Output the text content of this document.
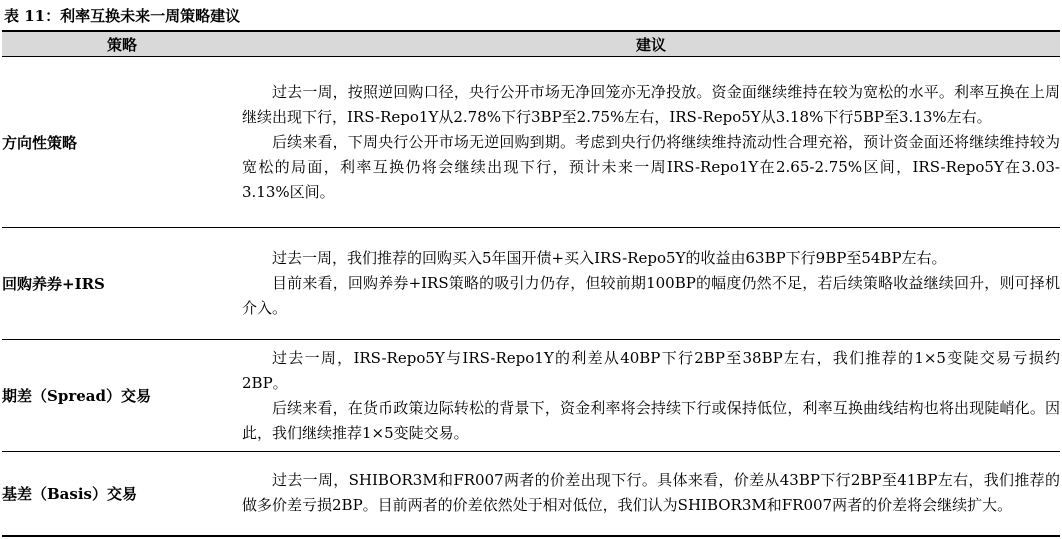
表 11：利率互换未来一周策略建议
策略	建议
方向性策略	过去一周，按照逆回购口径，央行公开市场无净回笼亦无净投放。资金面继续维持在较为宽松的水平。利率互换在上周继续出现下行，IRS-Repo1Y从2.78%下行3BP至2.75%左右，IRS-Repo5Y从3.18%下行5BP至3.13%左右。

后续来看，下周央行公开市场无逆回购到期。考虑到央行仍将继续维持流动性合理充裕，预计资金面还将继续维持较为宽松的局面，利率互换仍将会继续出现下行，预计未来一周IRS-Repo1Y在2.65-2.75%区间，IRS-Repo5Y在3.03-3.13%区间。

回购养券+IRS	过去一周，我们推荐的回购买入5年国开债+买入IRS-Repo5Y的收益由63BP下行9BP至54BP左右。

目前来看，回购养券+IRS策略的吸引力仍存，但较前期100BP的幅度仍然不足，若后续策略收益继续回升，则可择机介入。

期差（Spread）交易	过去一周，IRS-Repo5Y与IRS-Repo1Y的利差从40BP下行2BP至38BP左右，我们推荐的1×5变陡交易亏损约2BP。

后续来看，在货币政策边际转松的背景下，资金利率将会持续下行或保持低位，利率互换曲线结构也将出现陡峭化。因此，我们继续推荐1×5变陡交易。

基差（Basis）交易	过去一周，SHIBOR3M和FR007两者的价差出现下行。具体来看，价差从43BP下行2BP至41BP左右，我们推荐的做多价差亏损2BP。目前两者的价差依然处于相对低位，我们认为SHIBOR3M和FR007两者的价差将会继续扩大。
